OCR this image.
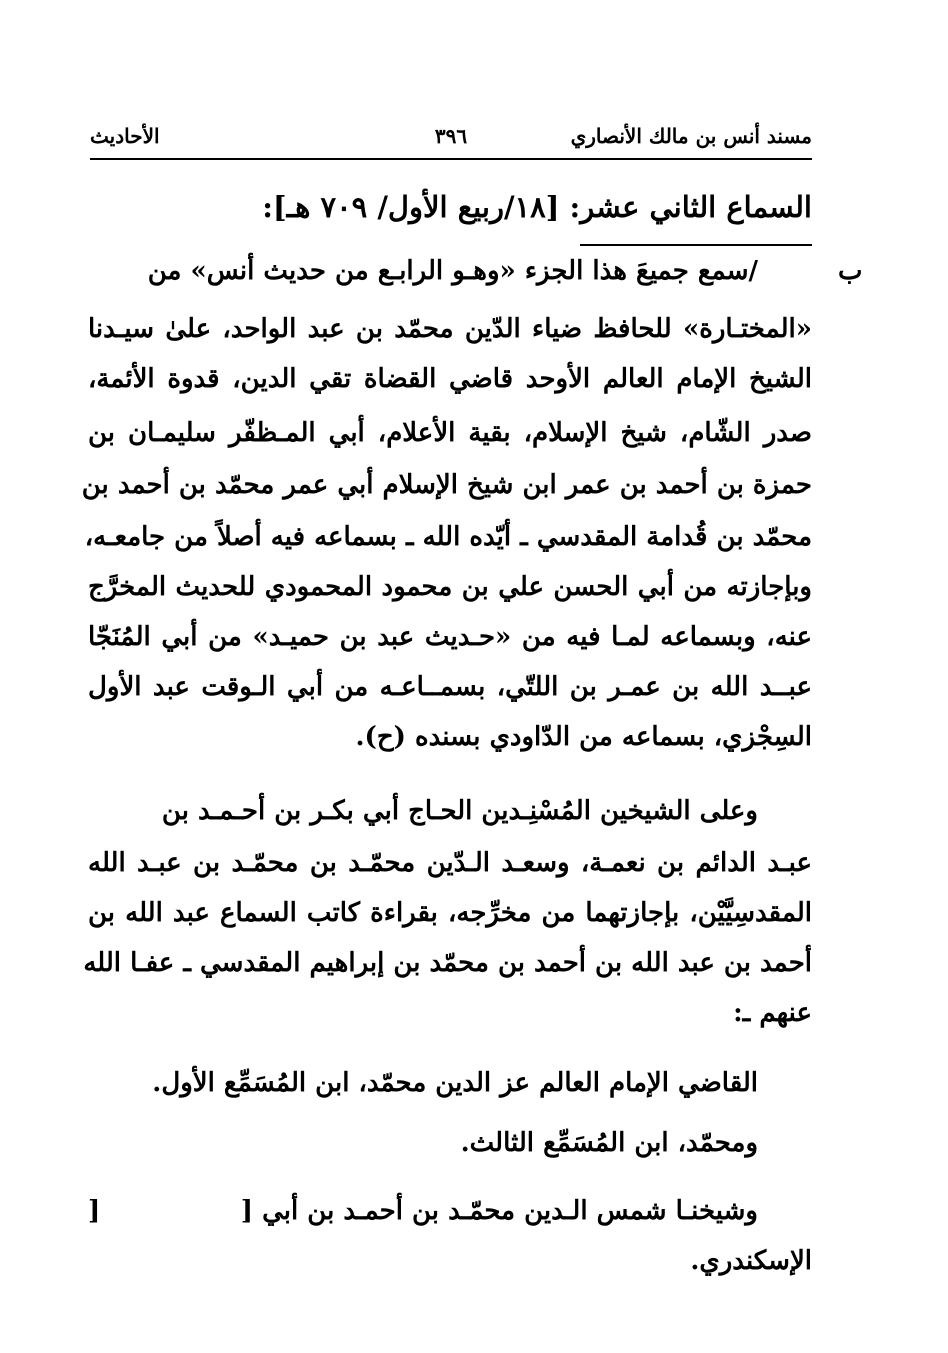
مسند أنس بن مالك الأنصاري
٣٩٦
الأحاديث
السماع الثاني عشر: [١٨/ربيع الأول/ ٧٠٩ هـ]:
ب
/سمع جميعَ هذا الجزء «وهـو الرابـع من حديث أنس» من
«المختـارة» للحافظ ضياء الدّين محمّد بن عبد الواحد، علىٰ سيـدنا
الشيخ الإمام العالم الأوحد قاضي القضاة تقي الدين، قدوة الأئمة،
صدر الشّام، شيخ الإسلام، بقية الأعلام، أبي المـظفّر سليمـان بن
حمزة بن أحمد بن عمر ابن شيخ الإسلام أبي عمر محمّد بن أحمد بن
محمّد بن قُدامة المقدسي ـ أيّده الله ـ بسماعه فيه أصلاً من جامعـه،
وبإجازته من أبي الحسن علي بن محمود المحمودي للحديث المخرَّج
عنه، وبسماعه لمـا فيه من «حـديث عبد بن حميـد» من أبي المُنَجّا
عبــد الله بن عمـر بن اللتّي، بسمــاعـه من أبي الـوقت عبد الأول
السِجْزي، بسماعه من الدّاودي بسنده (ح).
وعلى الشيخين المُسْنِـدين الحـاج أبي بكـر بن أحـمـد بن
عبـد الدائم بن نعمـة، وسعـد الـدّين محمّـد بن محمّـد بن عبـد الله
المقدسِيَّيْن، بإجازتهما من مخرِّجه، بقراءة كاتب السماع عبد الله بن
أحمد بن عبد الله بن أحمد بن محمّد بن إبراهيم المقدسي ـ عفـا الله
عنهم ـ:
القاضي الإمام العالم عز الدين محمّد، ابن المُسَمِّع الأول.
ومحمّد، ابن المُسَمِّع الثالث.
وشيخنـا شمس الـدين محمّـد بن أحمـد بن أبي [
]
الإسكندري.
